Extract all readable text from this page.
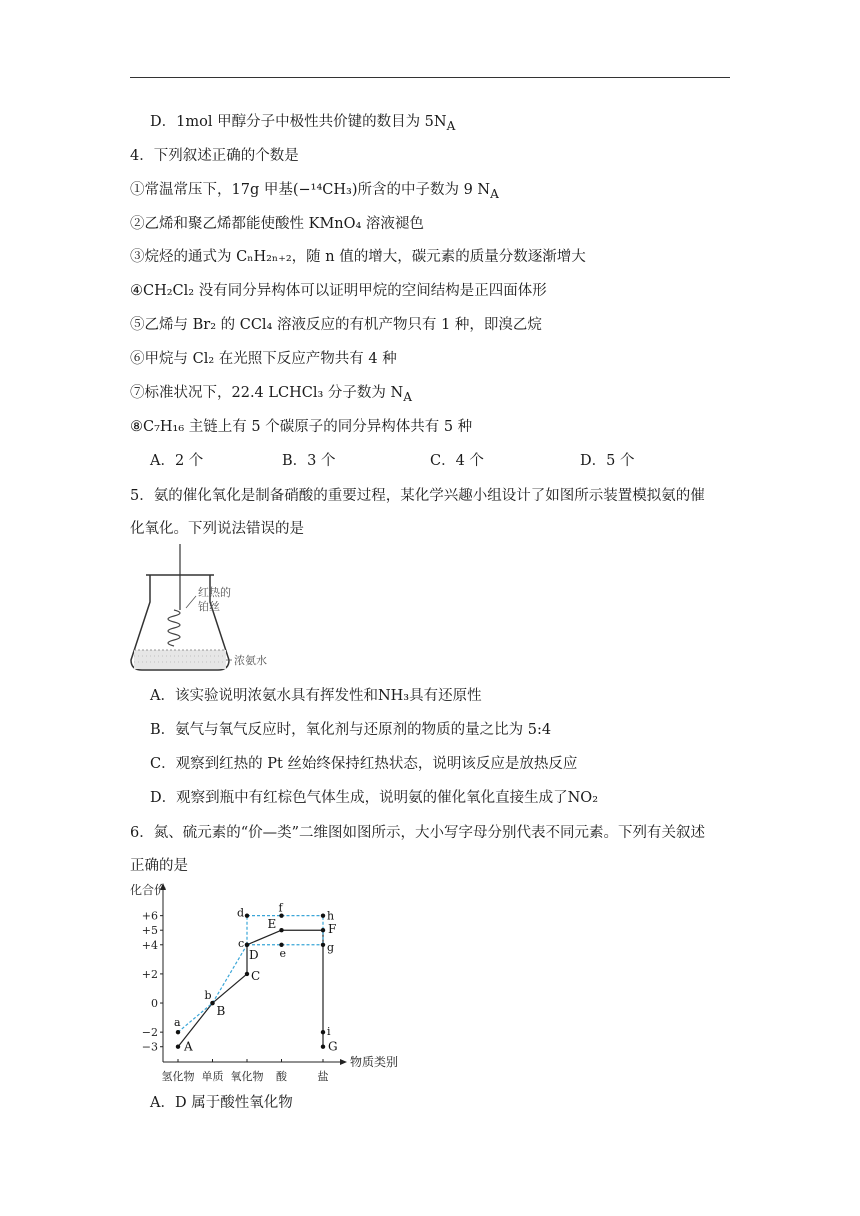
D．1mol 甲醇分子中极性共价键的数目为 $5N_A$
4．下列叙述正确的个数是
①常温常压下，17g 甲基(−¹⁴CH₃)所含的中子数为 9 $N_A$
②乙烯和聚乙烯都能使酸性 KMnO₄ 溶液褪色
③烷烃的通式为 CₙH₂ₙ₊₂，随 n 值的增大，碳元素的质量分数逐渐增大
④CH₂Cl₂ 没有同分异构体可以证明甲烷的空间结构是正四面体形
⑤乙烯与 Br₂ 的 CCl₄ 溶液反应的有机产物只有 1 种，即溴乙烷
⑥甲烷与 Cl₂ 在光照下反应产物共有 4 种
⑦标准状况下，22.4 LCHCl₃ 分子数为 $N_A$
⑧C₇H₁₆ 主链上有 5 个碳原子的同分异构体共有 5 种
A．2 个	B．3 个	C．4 个	D．5 个
5．氨的催化氧化是制备硝酸的重要过程，某化学兴趣小组设计了如图所示装置模拟氨的催
化氧化。下列说法错误的是
红热的
铂丝
浓氨水
A．该实验说明浓氨水具有挥发性和NH₃具有还原性
B．氨气与氧气反应时，氧化剂与还原剂的物质的量之比为 5:4
C．观察到红热的 Pt 丝始终保持红热状态，说明该反应是放热反应
D．观察到瓶中有红棕色气体生成，说明氨的催化氧化直接生成了NO₂
6．氮、硫元素的“价—类”二维图如图所示，大小写字母分别代表不同元素。下列有关叙述
正确的是
化合价
物质类别
+6
+5
+4
+2
0
−2
−3
氢化物 单质 氧化物 酸	盐
A
B
C
D
E	F
G
a
b
c
d
e
f
g
h
i
A．D 属于酸性氧化物
